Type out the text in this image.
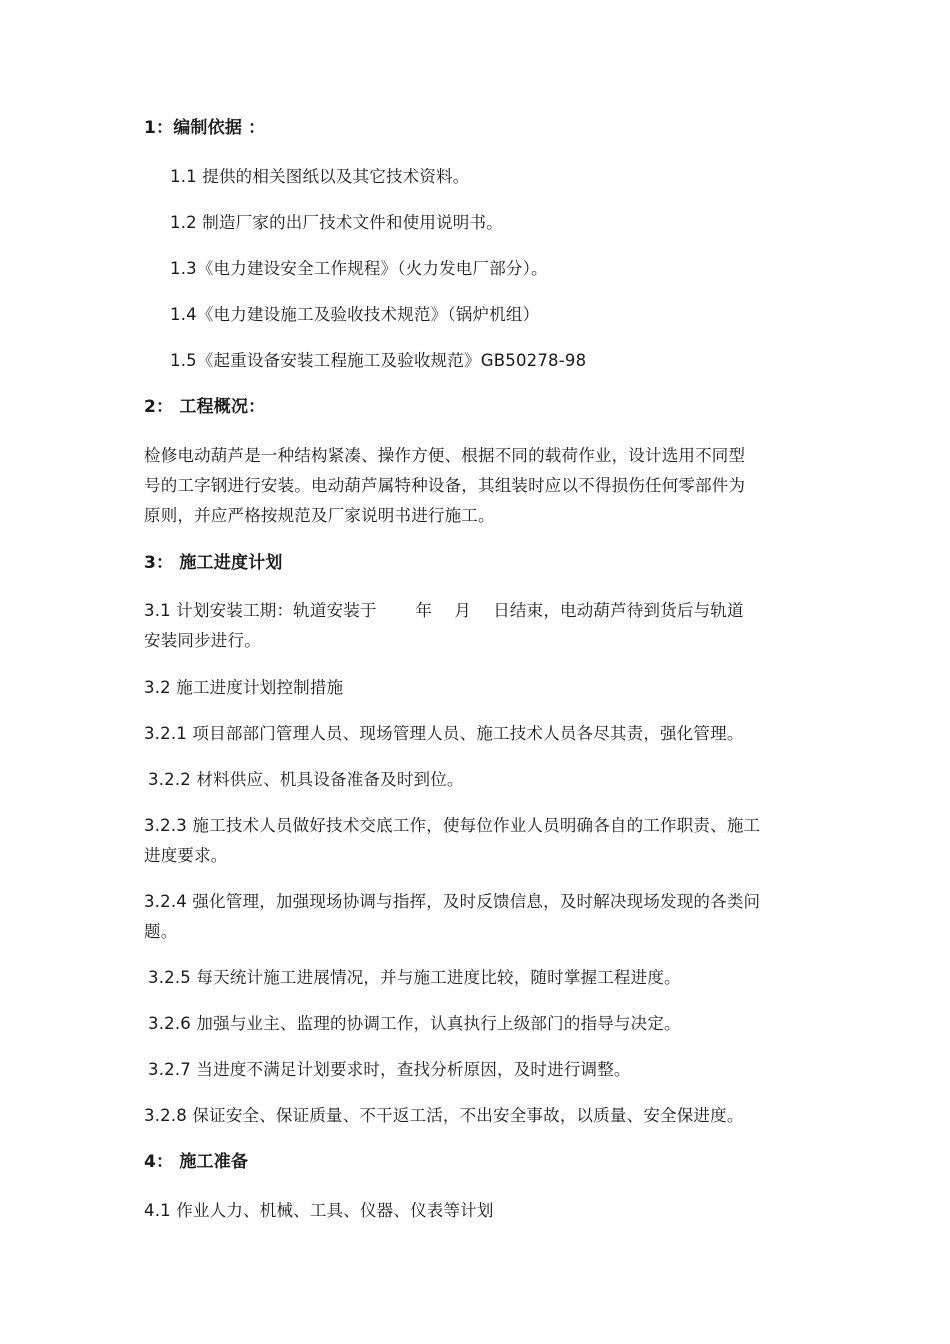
1：编制依据 ：
1.1 提供的相关图纸以及其它技术资料。
1.2 制造厂家的出厂技术文件和使用说明书。
1.3《电力建设安全工作规程》（火力发电厂部分）。
1.4《电力建设施工及验收技术规范》（锅炉机组）
1.5《起重设备安装工程施工及验收规范》GB50278-98
2： 工程概况：
检修电动葫芦是一种结构紧凑、操作方便、根据不同的载荷作业，设计选用不同型
号的工字钢进行安装。电动葫芦属特种设备，其组装时应以不得损伤任何零部件为
原则，并应严格按规范及厂家说明书进行施工。
3： 施工进度计划
3.1 计划安装工期：轨道安装于　　 年　 月　 日结束，电动葫芦待到货后与轨道
安装同步进行。
3.2 施工进度计划控制措施
3.2.1 项目部部门管理人员、现场管理人员、施工技术人员各尽其责，强化管理。
3.2.2 材料供应、机具设备准备及时到位。
3.2.3 施工技术人员做好技术交底工作，使每位作业人员明确各自的工作职责、施工
进度要求。
3.2.4 强化管理，加强现场协调与指挥，及时反馈信息，及时解决现场发现的各类问
题。
3.2.5 每天统计施工进展情况，并与施工进度比较，随时掌握工程进度。
3.2.6 加强与业主、监理的协调工作，认真执行上级部门的指导与决定。
3.2.7 当进度不满足计划要求时，查找分析原因，及时进行调整。
3.2.8 保证安全、保证质量、不干返工活，不出安全事故，以质量、安全保进度。
4： 施工准备
4.1 作业人力、机械、工具、仪器、仪表等计划
